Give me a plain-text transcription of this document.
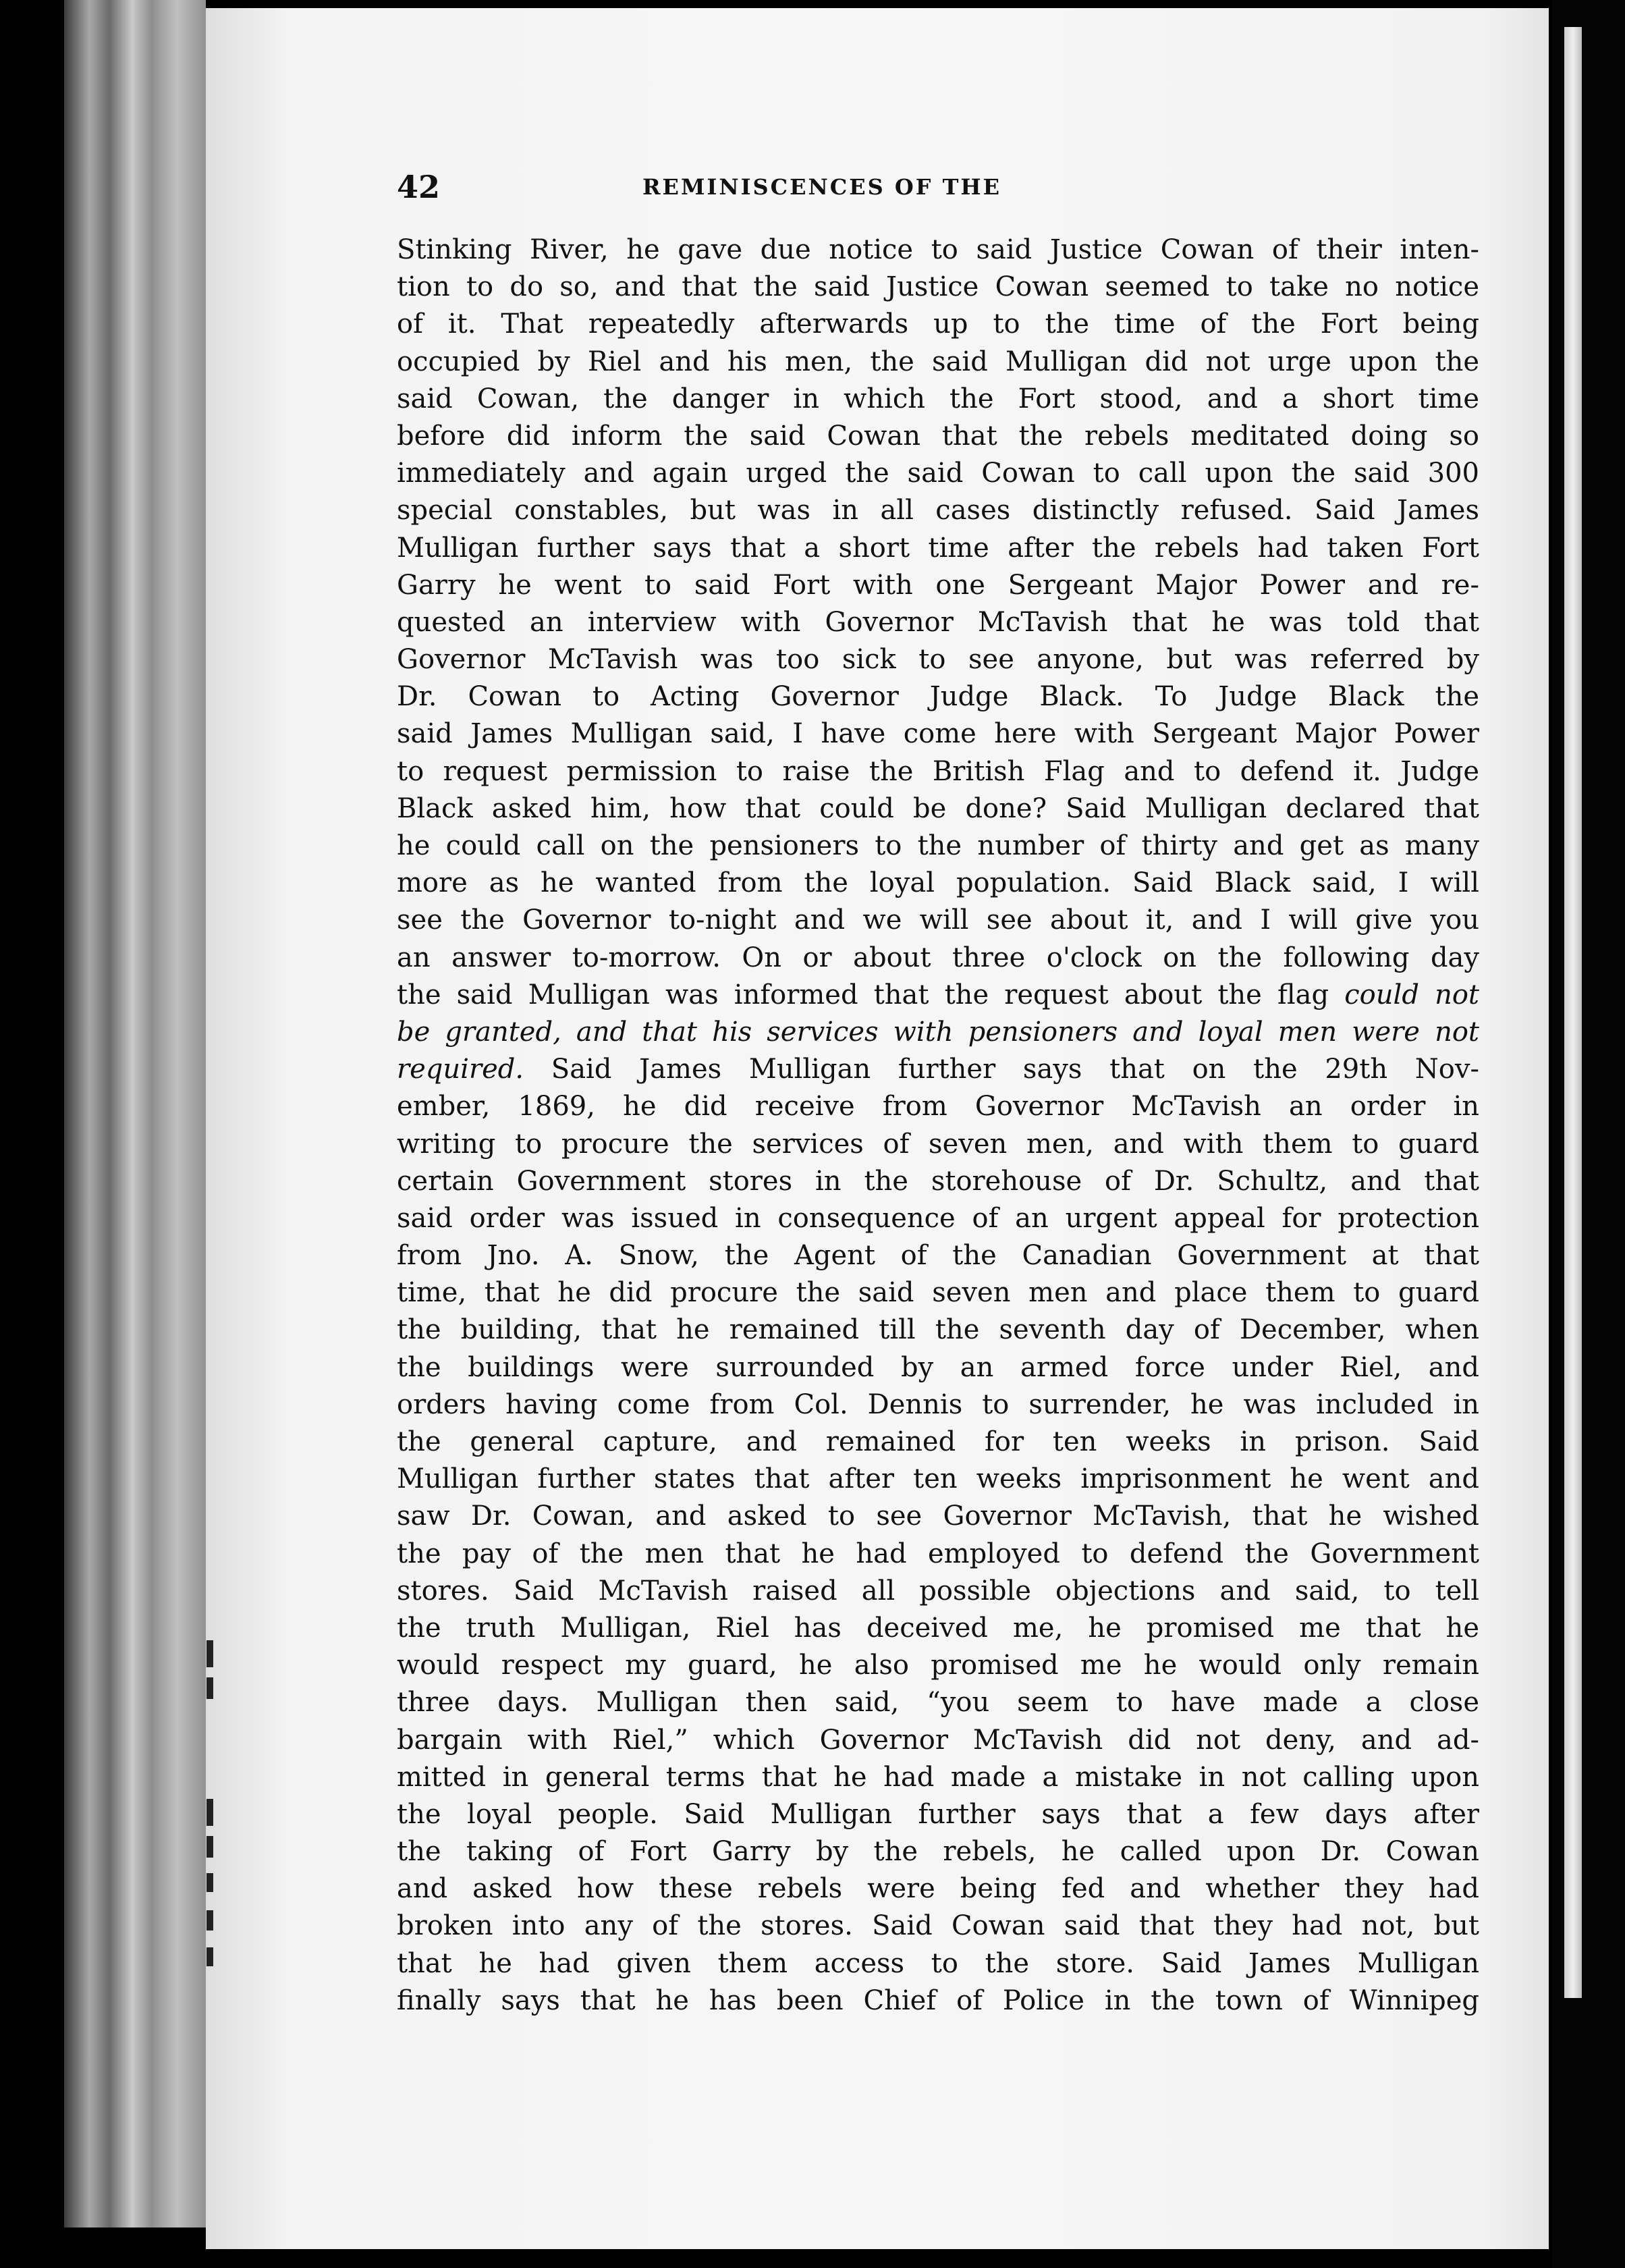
42	REMINISCENCES OF THE
Stinking River, he gave due notice to said Justice Cowan of their inten-
tion to do so, and that the said Justice Cowan seemed to take no notice
of it. That repeatedly afterwards up to the time of the Fort being
occupied by Riel and his men, the said Mulligan did not urge upon the
said Cowan, the danger in which the Fort stood, and a short time
before did inform the said Cowan that the rebels meditated doing so
immediately and again urged the said Cowan to call upon the said 300
special constables, but was in all cases distinctly refused. Said James
Mulligan further says that a short time after the rebels had taken Fort
Garry he went to said Fort with one Sergeant Major Power and re-
quested an interview with Governor McTavish that he was told that
Governor McTavish was too sick to see anyone, but was referred by
Dr. Cowan to Acting Governor Judge Black. To Judge Black the
said James Mulligan said, I have come here with Sergeant Major Power
to request permission to raise the British Flag and to defend it. Judge
Black asked him, how that could be done? Said Mulligan declared that
he could call on the pensioners to the number of thirty and get as many
more as he wanted from the loyal population. Said Black said, I will
see the Governor to-night and we will see about it, and I will give you
an answer to-morrow. On or about three o'clock on the following day
the said Mulligan was informed that the request about the flag could not
be granted, and that his services with pensioners and loyal men were not
required. Said James Mulligan further says that on the 29th Nov-
ember, 1869, he did receive from Governor McTavish an order in
writing to procure the services of seven men, and with them to guard
certain Government stores in the storehouse of Dr. Schultz, and that
said order was issued in consequence of an urgent appeal for protection
from Jno. A. Snow, the Agent of the Canadian Government at that
time, that he did procure the said seven men and place them to guard
the building, that he remained till the seventh day of December, when
the buildings were surrounded by an armed force under Riel, and
orders having come from Col. Dennis to surrender, he was included in
the general capture, and remained for ten weeks in prison. Said
Mulligan further states that after ten weeks imprisonment he went and
saw Dr. Cowan, and asked to see Governor McTavish, that he wished
the pay of the men that he had employed to defend the Government
stores. Said McTavish raised all possible objections and said, to tell
the truth Mulligan, Riel has deceived me, he promised me that he
would respect my guard, he also promised me he would only remain
three days. Mulligan then said, “you seem to have made a close
bargain with Riel,” which Governor McTavish did not deny, and ad-
mitted in general terms that he had made a mistake in not calling upon
the loyal people. Said Mulligan further says that a few days after
the taking of Fort Garry by the rebels, he called upon Dr. Cowan
and asked how these rebels were being fed and whether they had
broken into any of the stores. Said Cowan said that they had not, but
that he had given them access to the store. Said James Mulligan
finally says that he has been Chief of Police in the town of Winnipeg
